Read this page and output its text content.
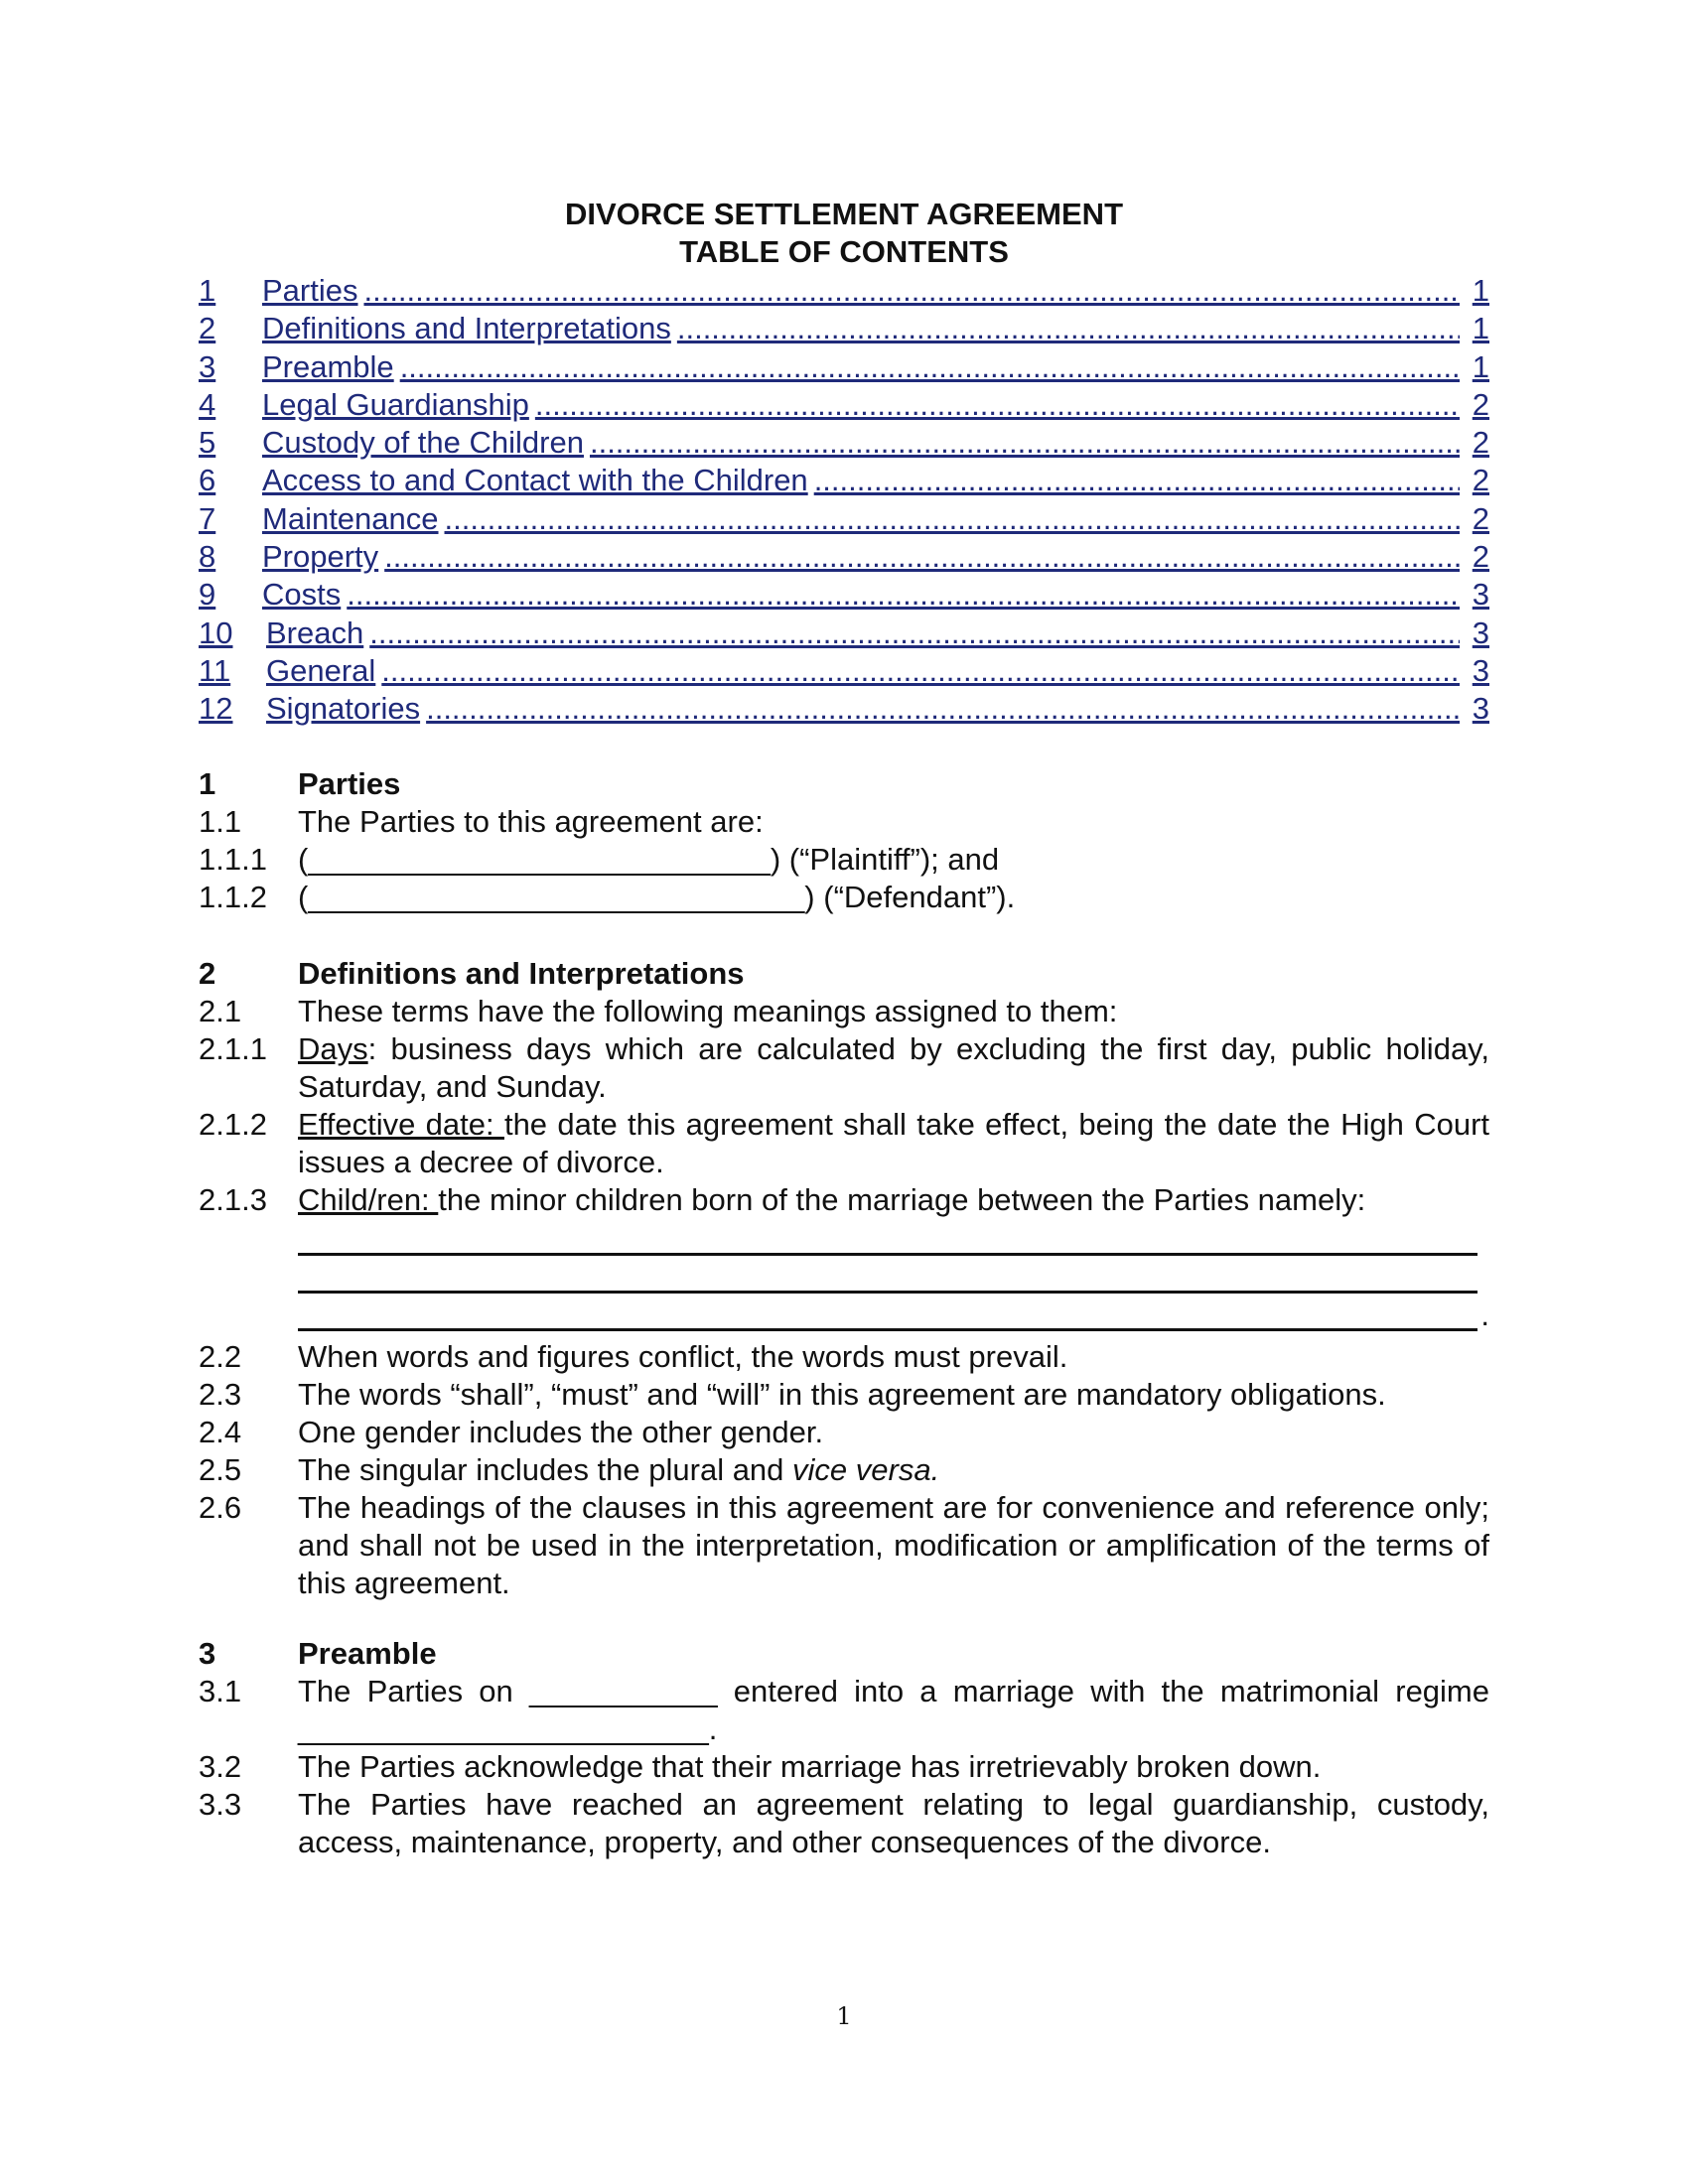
DIVORCE SETTLEMENT AGREEMENT
TABLE OF CONTENTS
1 Parties .....	1
2 Definitions and Interpretations .....	1
3 Preamble .....	1
4 Legal Guardianship .....	2
5 Custody of the Children .....	2
6 Access to and Contact with the Children .....	2
7 Maintenance .....	2
8 Property .....	2
9 Costs .....	3
10 Breach .....	3
11 General .....	3
12 Signatories .....	3
1	Parties
1.1 The Parties to this agreement are:
1.1.1 (___________________________) (“Plaintiff”); and
1.1.2 (_____________________________) (“Defendant”).
2	Definitions and Interpretations
2.1 These terms have the following meanings assigned to them:
2.1.1 Days: business days which are calculated by excluding the first day, public holiday, Saturday, and Sunday.
2.1.2 Effective date: the date this agreement shall take effect, being the date the High Court issues a decree of divorce.
2.1.3 Child/ren: the minor children born of the marriage between the Parties namely:
.
2.2 When words and figures conflict, the words must prevail.
2.3 The words “shall”, “must” and “will” in this agreement are mandatory obligations.
2.4 One gender includes the other gender.
2.5 The singular includes the plural and vice versa.
2.6 The headings of the clauses in this agreement are for convenience and reference only; and shall not be used in the interpretation, modification or amplification of the terms of this agreement.
3	Preamble
3.1 The Parties on ___________ entered into a marriage with the matrimonial regime ________________________.
3.2 The Parties acknowledge that their marriage has irretrievably broken down.
3.3 The Parties have reached an agreement relating to legal guardianship, custody, access, maintenance, property, and other consequences of the divorce.
1
